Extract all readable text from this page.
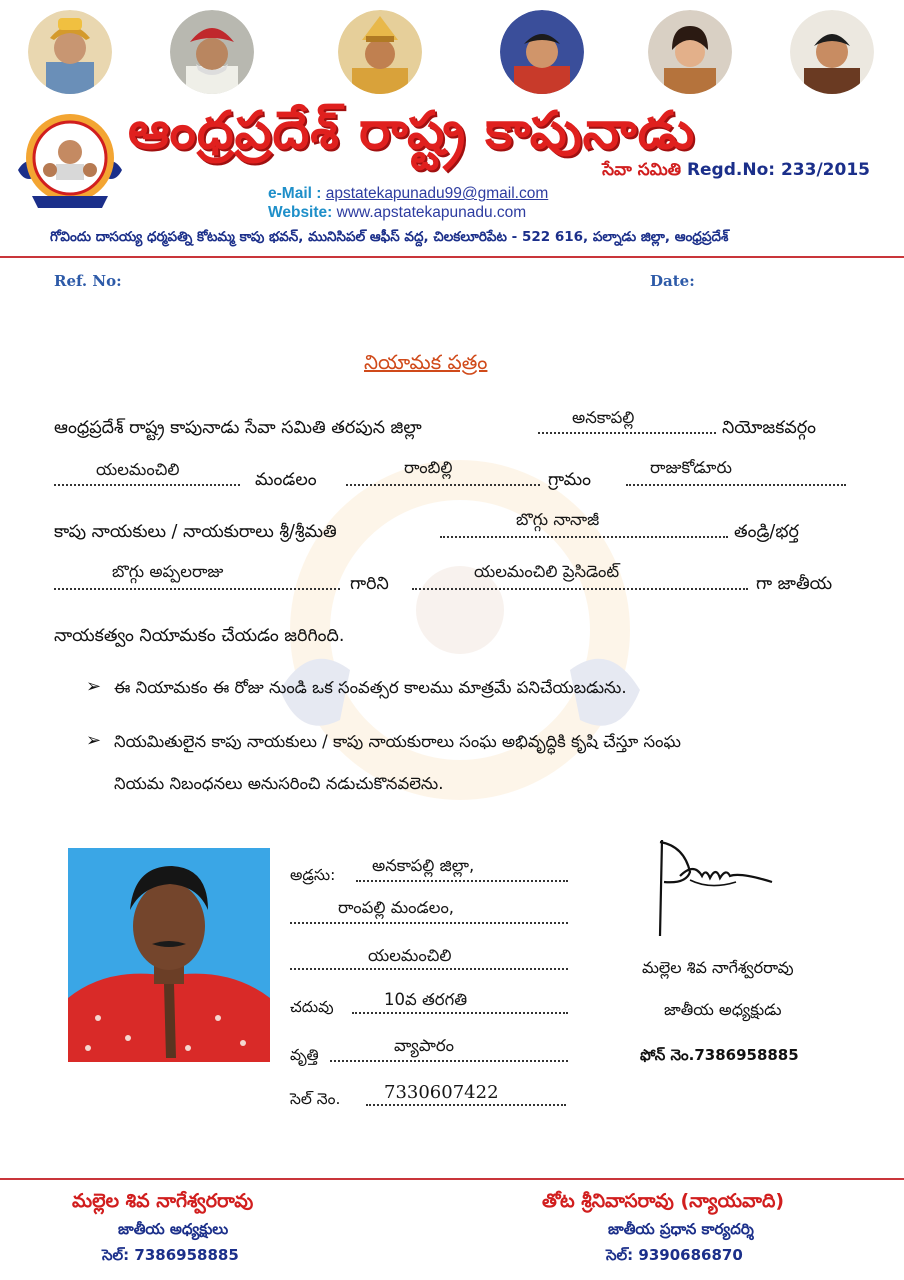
ఆంధ్రప్రదేశ్ రాష్ట్ర కాపునాడు
సేవా సమితి Regd.No: 233/2015
e-Mail : apstatekapunadu99@gmail.com
Website: www.apstatekapunadu.com
గోవిందు దాసయ్య ధర్మపత్ని కోటమ్మ కాపు భవన్, మునిసిపల్ ఆఫీస్ వద్ద, చిలకలూరిపేట - 522 616, పల్నాడు జిల్లా, ఆంధ్రప్రదేశ్
Ref. No:	Date:
నియామక పత్రం
ఆంధ్రప్రదేశ్ రాష్ట్ర కాపునాడు సేవా సమితి తరపున జిల్లా
అనకాపల్లి
నియోజకవర్గం
యలమంచిలి
మండలం
రాంబిల్లి
గ్రామం
రాజుకోడూరు
కాపు నాయకులు / నాయకురాలు శ్రీ/శ్రీమతి
బొగ్గు నానాజీ
తండ్రి/భర్త
బొగ్గు అప్పలరాజు
గారిని
యలమంచిలి ప్రెసిడెంట్
గా జాతీయ
నాయకత్వం నియామకం చేయడం జరిగింది.
➢ ఈ నియామకం ఈ రోజు నుండి ఒక సంవత్సర కాలము మాత్రమే పనిచేయబడును.
➢ నియమితులైన కాపు నాయకులు / కాపు నాయకురాలు సంఘ అభివృద్ధికి కృషి చేస్తూ సంఘ
నియమ నిబంధనలు అనుసరించి నడుచుకొనవలెను.
అడ్రసు: అనకాపల్లి జిల్లా,
రాంపల్లి మండలం,
యలమంచిలి
చదువు	10వ తరగతి
వృత్తి	వ్యాపారం
సెల్ నెం. 7330607422
మల్లెల శివ నాగేశ్వరరావు
జాతీయ అధ్యక్షుడు
ఫోన్ నెం.7386958885
మల్లెల శివ నాగేశ్వరరావు
జాతీయ అధ్యక్షులు
సెల్: 7386958885
తోట శ్రీనివాసరావు (న్యాయవాది)
జాతీయ ప్రధాన కార్యదర్శి
సెల్: 9390686870
